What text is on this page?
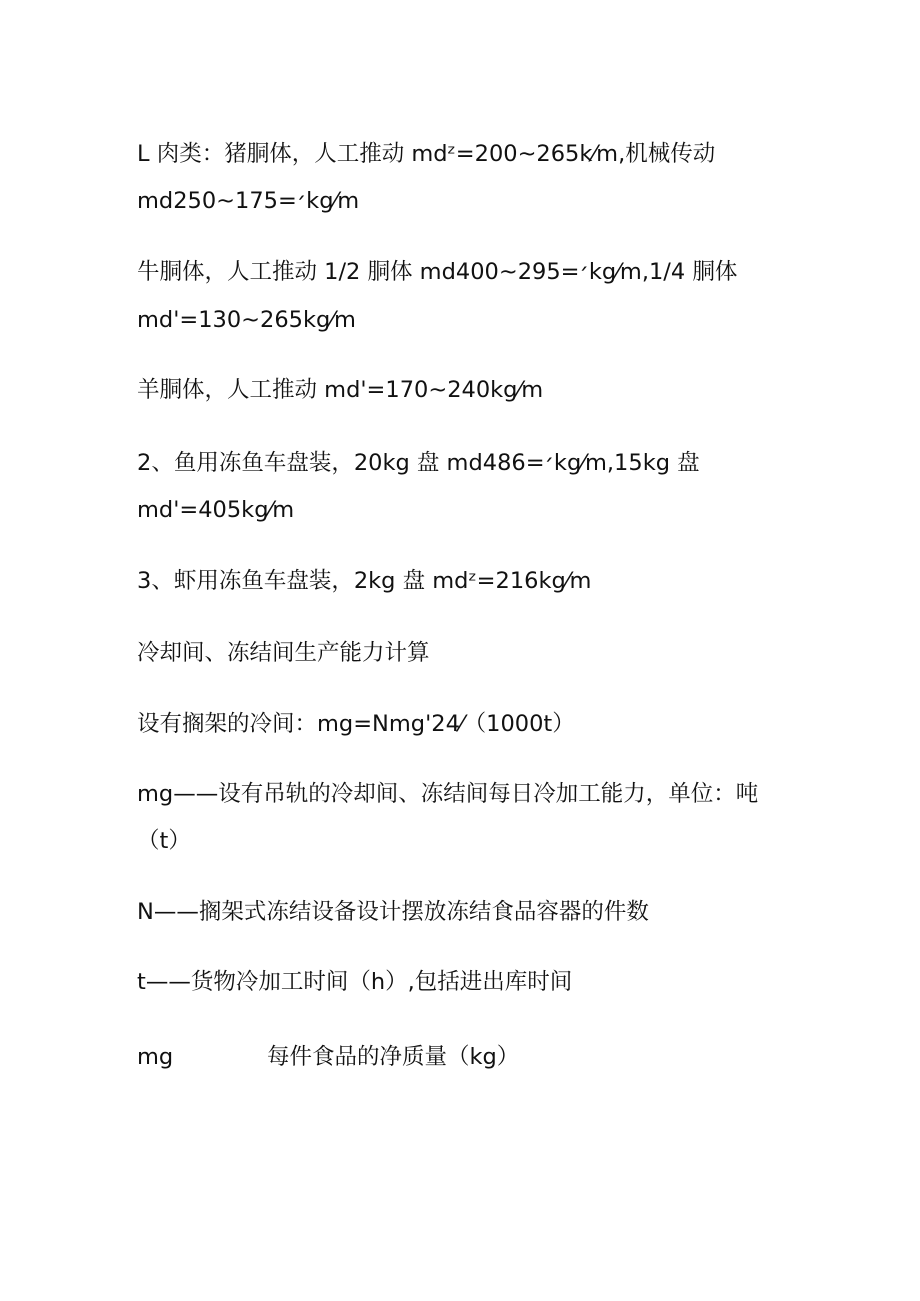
L 肉类：猪胴体，人工推动 mdᶻ=200~265k⁄m,机械传动
md׳=175~250kg⁄m
牛胴体，人工推动 1/2 胴体 md׳=295~400kg⁄m,1/4 胴体
md'=130~265kg⁄m
羊胴体，人工推动 md'=170~240kg⁄m
2、鱼用冻鱼车盘装，20kg 盘 md׳=486kg⁄m,15kg 盘
md'=405kg⁄m
3、虾用冻鱼车盘装，2kg 盘 mdᶻ=216kg⁄m
冷却间、冻结间生产能力计算
设有搁架的冷间：mg=Nmg'24⁄（1000t）
mg——设有吊轨的冷却间、冻结间每日冷加工能力，单位：吨
（t）
N——搁架式冻结设备设计摆放冻结食品容器的件数
t——货物冷加工时间（h）,包括进出库时间
mg	每件食品的净质量（kg）
